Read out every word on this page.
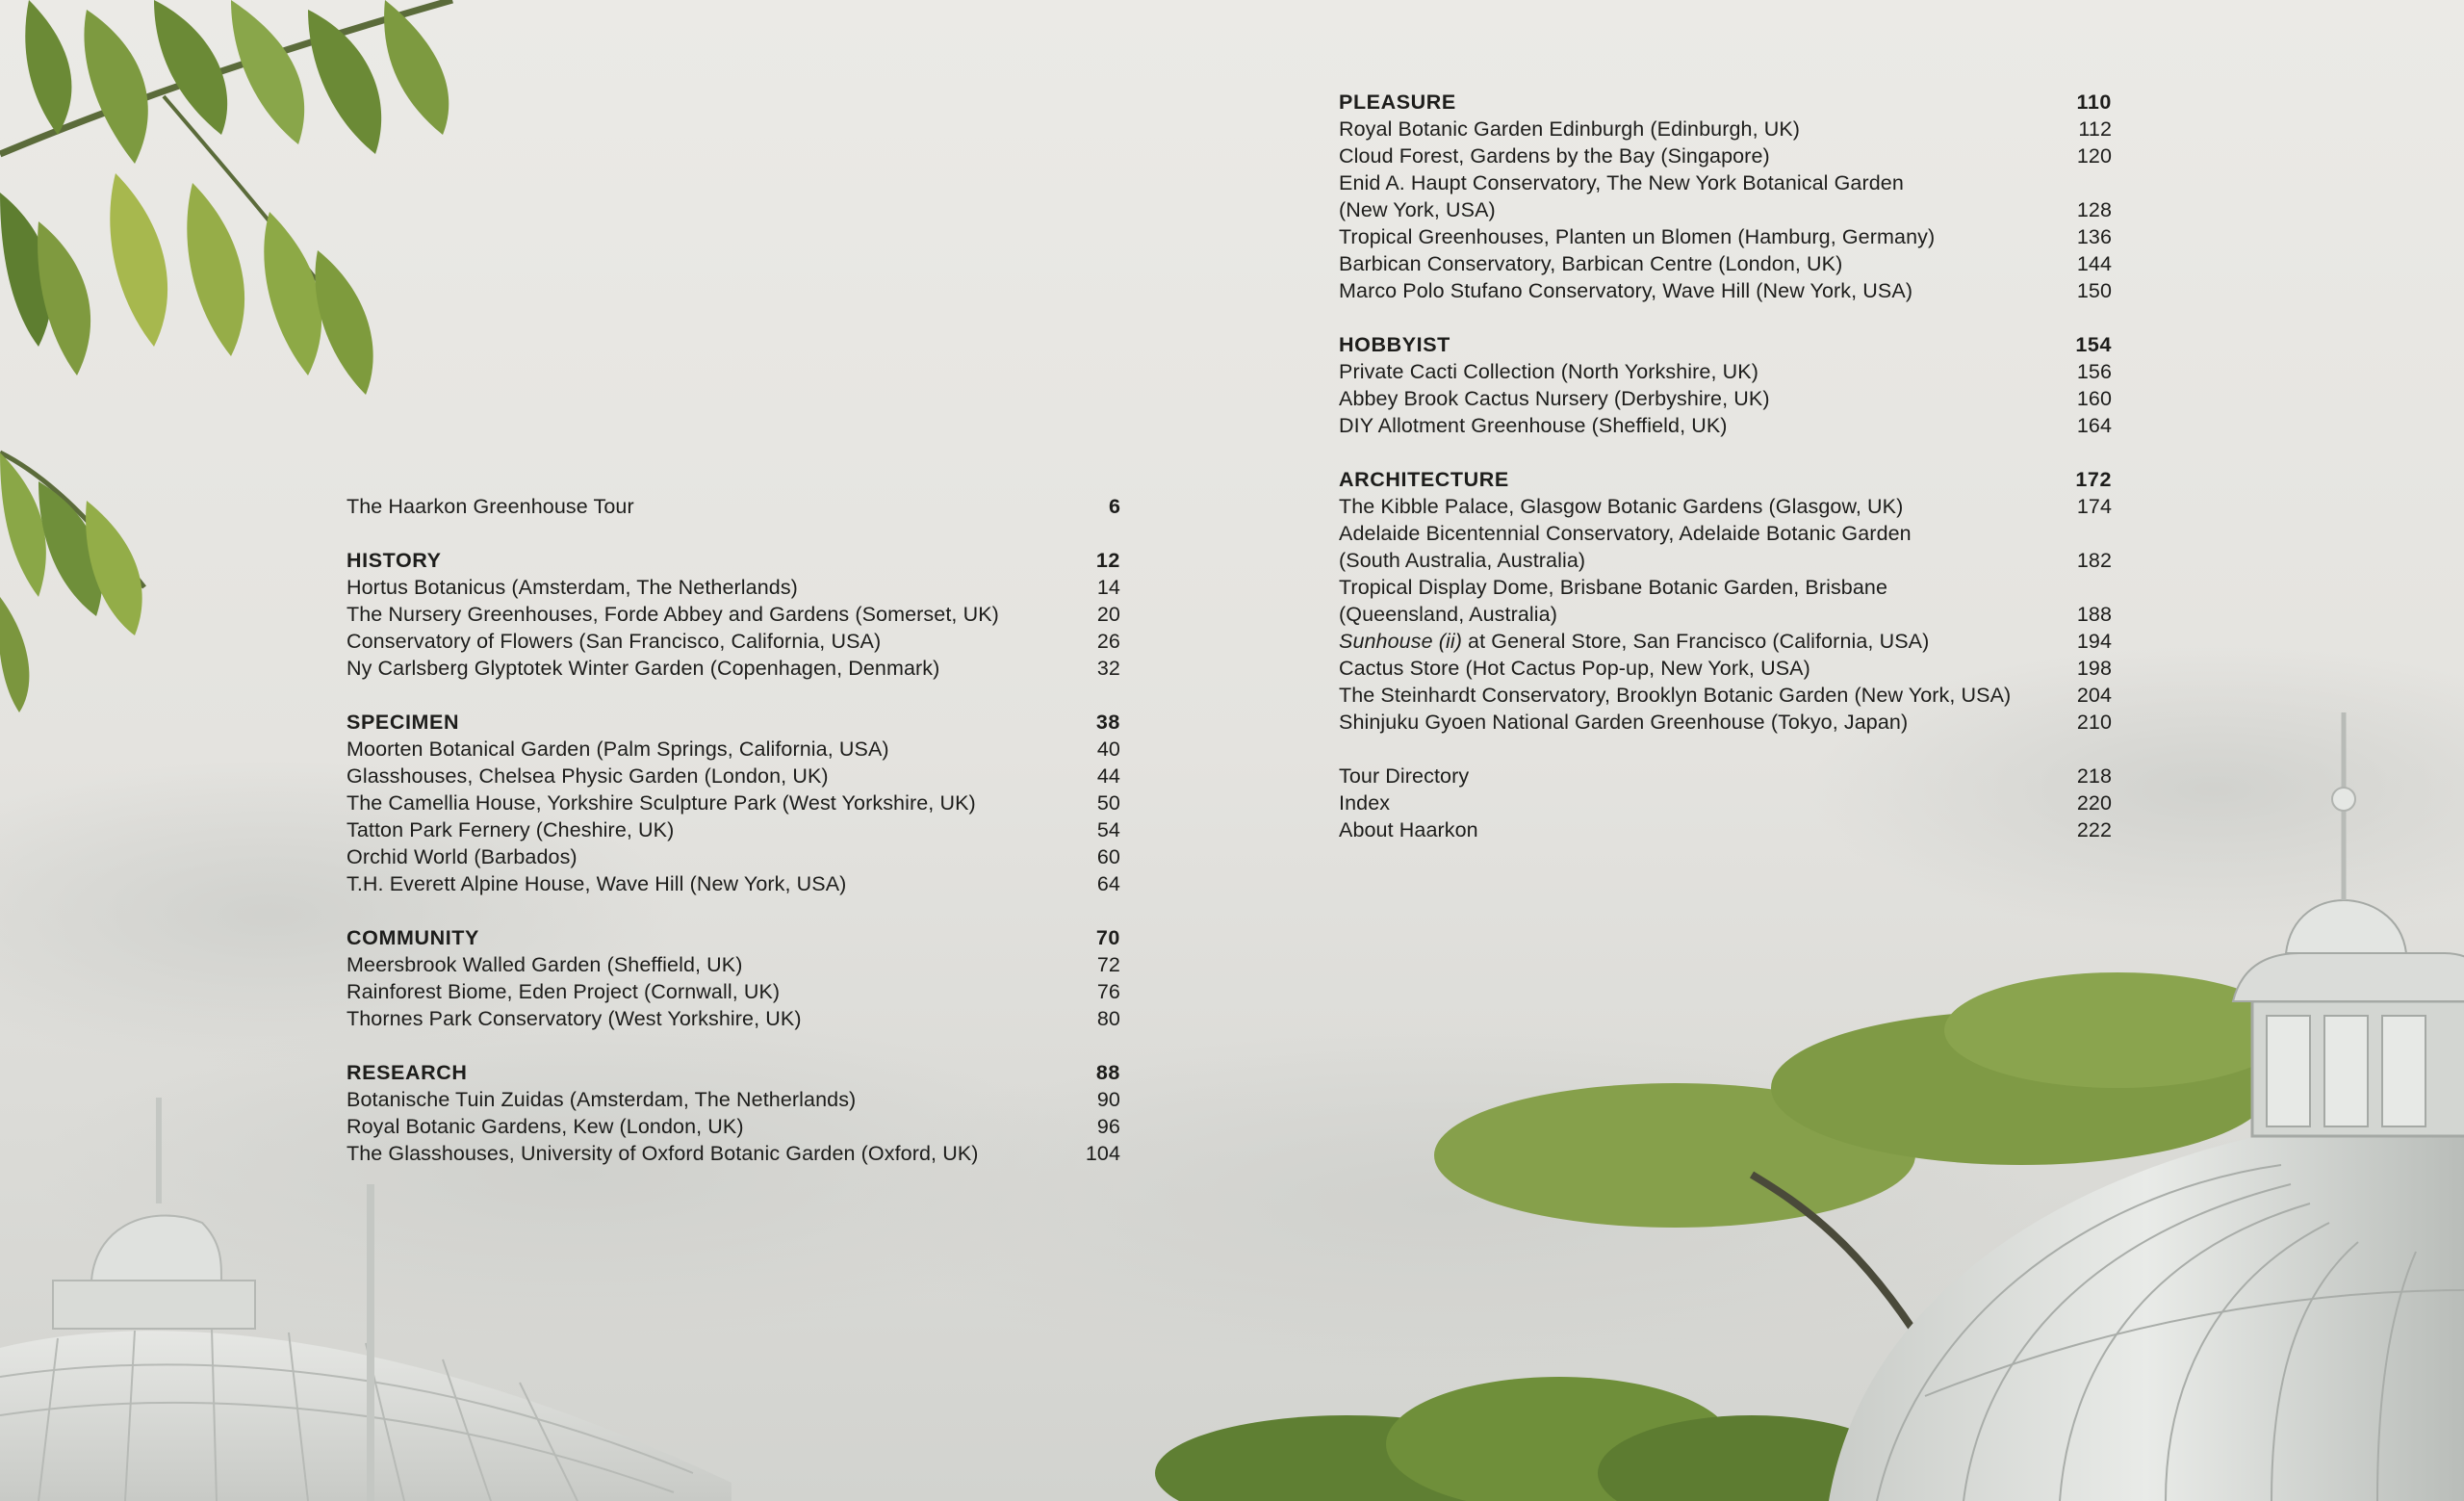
The Haarkon Greenhouse Tour	6
HISTORY	12
Hortus Botanicus (Amsterdam, The Netherlands)	14
The Nursery Greenhouses, Forde Abbey and Gardens (Somerset, UK)	20
Conservatory of Flowers (San Francisco, California, USA)	26
Ny Carlsberg Glyptotek Winter Garden (Copenhagen, Denmark)	32
SPECIMEN	38
Moorten Botanical Garden (Palm Springs, California, USA)	40
Glasshouses, Chelsea Physic Garden (London, UK)	44
The Camellia House, Yorkshire Sculpture Park (West Yorkshire, UK)	50
Tatton Park Fernery (Cheshire, UK)	54
Orchid World (Barbados)	60
T.H. Everett Alpine House, Wave Hill (New York, USA)	64
COMMUNITY	70
Meersbrook Walled Garden (Sheffield, UK)	72
Rainforest Biome, Eden Project (Cornwall, UK)	76
Thornes Park Conservatory (West Yorkshire, UK)	80
RESEARCH	88
Botanische Tuin Zuidas (Amsterdam, The Netherlands)	90
Royal Botanic Gardens, Kew (London, UK)	96
The Glasshouses, University of Oxford Botanic Garden (Oxford, UK)	104
PLEASURE	110
Royal Botanic Garden Edinburgh (Edinburgh, UK)	112
Cloud Forest, Gardens by the Bay (Singapore)	120
Enid A. Haupt Conservatory, The New York Botanical Garden
(New York, USA)	128
Tropical Greenhouses, Planten un Blomen (Hamburg, Germany)	136
Barbican Conservatory, Barbican Centre (London, UK)	144
Marco Polo Stufano Conservatory, Wave Hill (New York, USA)	150
HOBBYIST	154
Private Cacti Collection (North Yorkshire, UK)	156
Abbey Brook Cactus Nursery (Derbyshire, UK)	160
DIY Allotment Greenhouse (Sheffield, UK)	164
ARCHITECTURE	172
The Kibble Palace, Glasgow Botanic Gardens (Glasgow, UK)	174
Adelaide Bicentennial Conservatory, Adelaide Botanic Garden
(South Australia, Australia)	182
Tropical Display Dome, Brisbane Botanic Garden, Brisbane
(Queensland, Australia)	188
Sunhouse (ii) at General Store, San Francisco (California, USA)	194
Cactus Store (Hot Cactus Pop-up, New York, USA)	198
The Steinhardt Conservatory, Brooklyn Botanic Garden (New York, USA)	204
Shinjuku Gyoen National Garden Greenhouse (Tokyo, Japan)	210
Tour Directory	218
Index	220
About Haarkon	222
